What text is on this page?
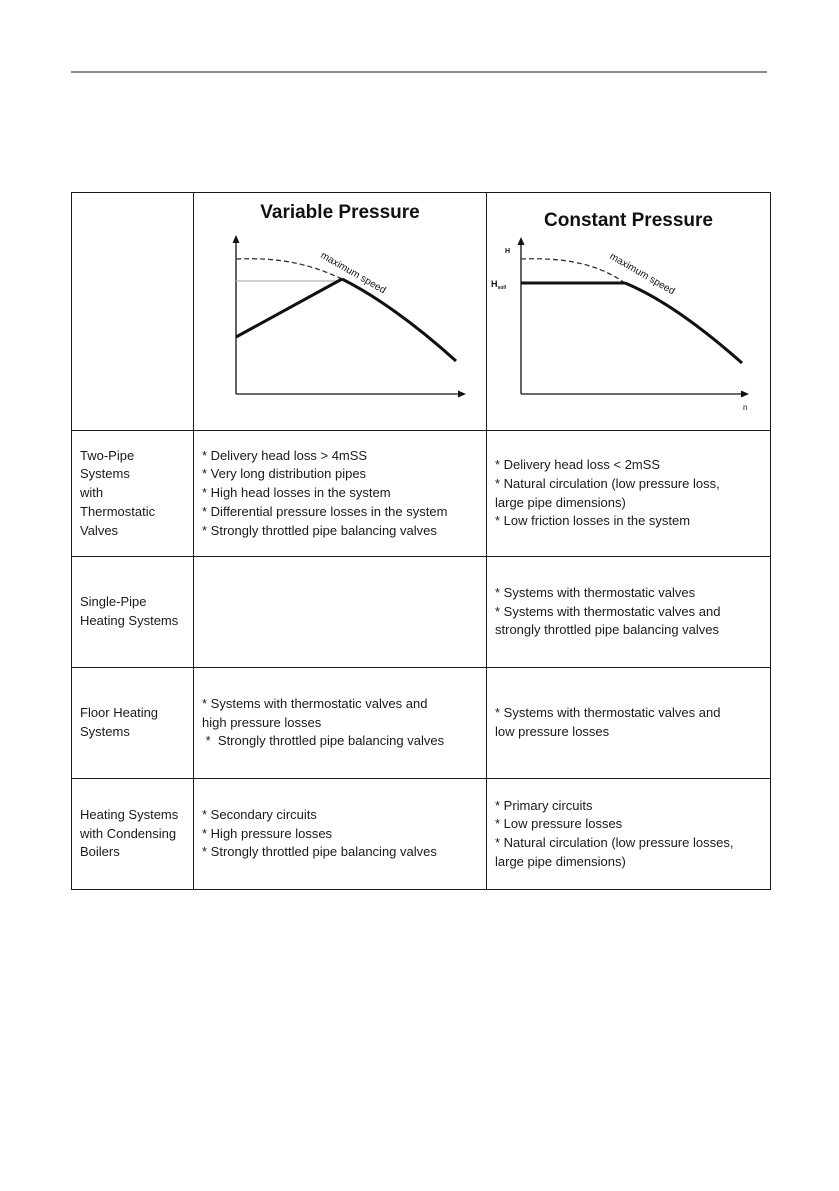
	Variable Pressure
maximum speed	Constant Pressure
H
$H_{soll}$
n
maximum speed

Two-Pipe
Systems
with
Thermostatic
Valves	* Delivery head loss > 4mSS
* Very long distribution pipes
* High head losses in the system
* Differential pressure losses in the system
* Strongly throttled pipe balancing valves	* Delivery head loss < 2mSS
* Natural circulation (low pressure loss,
large pipe dimensions)
* Low friction losses in the system

Single-Pipe
Heating Systems		* Systems with thermostatic valves
* Systems with thermostatic valves and
strongly throttled pipe balancing valves

Floor Heating
Systems	* Systems with thermostatic valves and
high pressure losses
*  Strongly throttled pipe balancing valves	* Systems with thermostatic valves and
low pressure losses

Heating Systems
with Condensing
Boilers	* Secondary circuits
* High pressure losses
* Strongly throttled pipe balancing valves	* Primary circuits
* Low pressure losses
* Natural circulation (low pressure losses,
large pipe dimensions)
